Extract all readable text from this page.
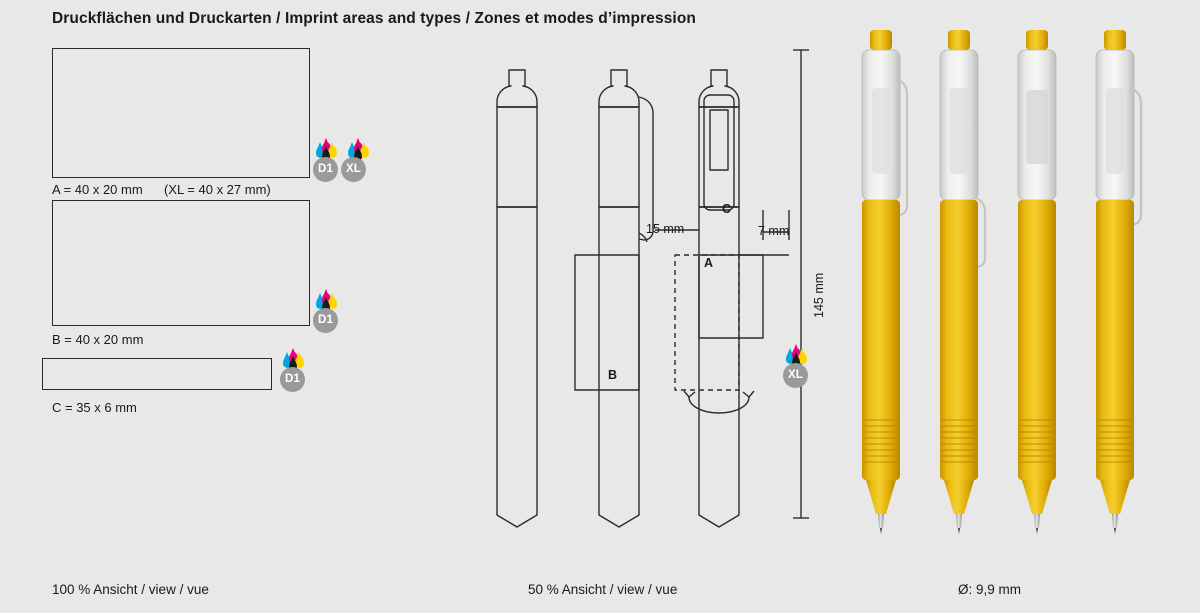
Druckflächen und Druckarten / Imprint areas and types / Zones et modes d’impression
A = 40 x 20 mm (XL = 40 x 27 mm)
D1	XL
B = 40 x 20 mm
D1
C = 35 x 6 mm
D1
15 mm	7 mm
145 mm
B
A
C
XL
100 % Ansicht / view / vue	50 % Ansicht / view / vue	Ø: 9,9 mm
